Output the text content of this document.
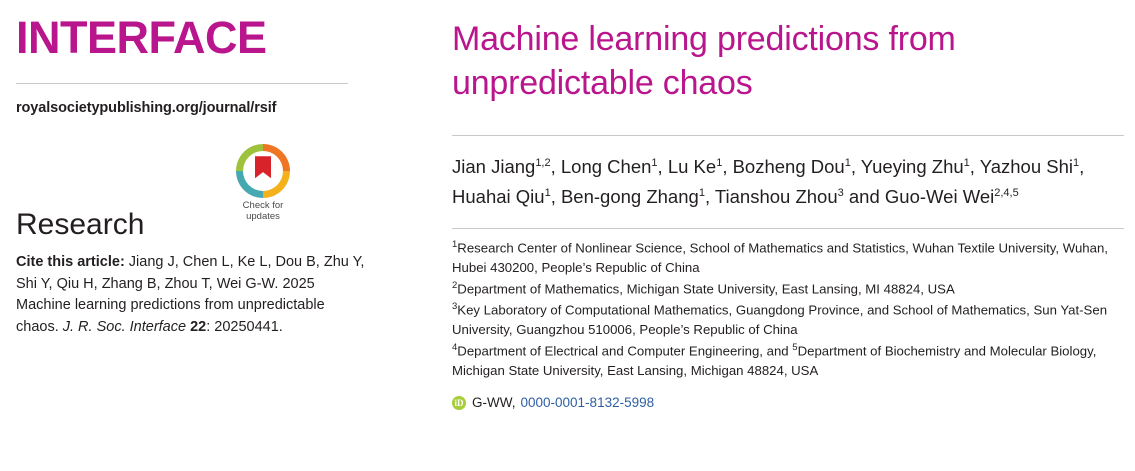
INTERFACE
royalsocietypublishing.org/journal/rsif
Research
Check for
updates
Cite this article: Jiang J, Chen L, Ke L, Dou B, Zhu Y, Shi Y, Qiu H, Zhang B, Zhou T, Wei G-W. 2025 Machine learning predictions from unpredictable chaos. J. R. Soc. Interface 22: 20250441.
Machine learning predictions from unpredictable chaos
Jian Jiang$^{1,2}$, Long Chen$^1$, Lu Ke$^1$, Bozheng Dou$^1$, Yueying Zhu$^1$, Yazhou Shi$^1$,
Huahai Qiu$^1$, Ben-gong Zhang$^1$, Tianshou Zhou$^3$ and Guo-Wei Wei$^{2,4,5}$
$^1$Research Center of Nonlinear Science, School of Mathematics and Statistics, Wuhan Textile University, Wuhan, Hubei 430200, People’s Republic of China
$^2$Department of Mathematics, Michigan State University, East Lansing, MI 48824, USA
$^3$Key Laboratory of Computational Mathematics, Guangdong Province, and School of Mathematics, Sun Yat-Sen University, Guangzhou 510006, People’s Republic of China
$^4$Department of Electrical and Computer Engineering, and $^5$Department of Biochemistry and Molecular Biology, Michigan State University, East Lansing, Michigan 48824, USA
iD G-WW, 0000-0001-8132-5998
